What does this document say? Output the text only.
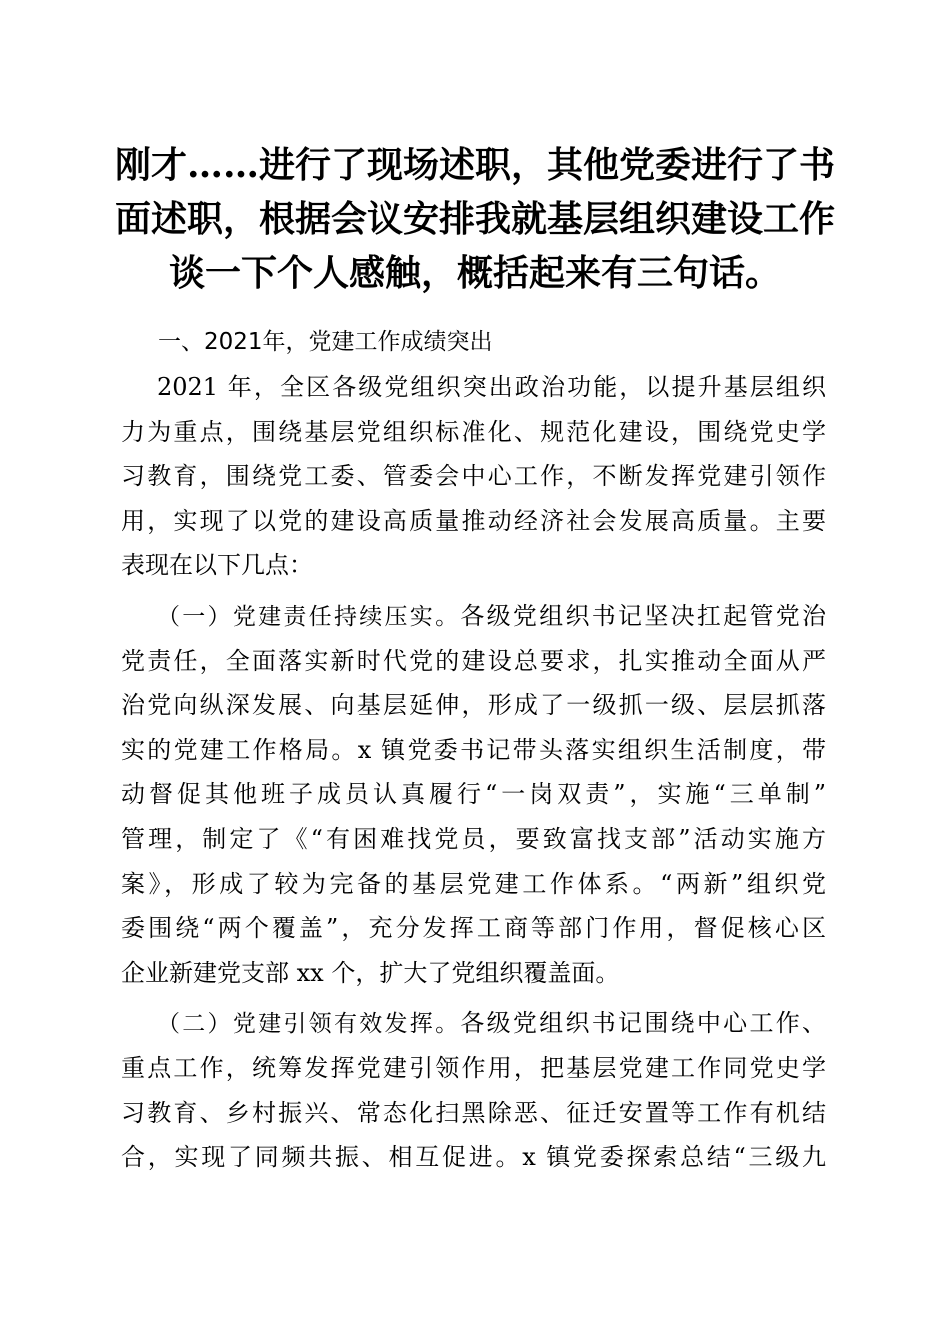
刚才……进行了现场述职，其他党委进行了书
面述职，根据会议安排我就基层组织建设工作
谈一下个人感触，概括起来有三句话。
一、2021年，党建工作成绩突出
2021 年，全区各级党组织突出政治功能，以提升基层组织
力为重点，围绕基层党组织标准化、规范化建设，围绕党史学
习教育，围绕党工委、管委会中心工作，不断发挥党建引领作
用，实现了以党的建设高质量推动经济社会发展高质量。主要
表现在以下几点：
（一）党建责任持续压实。各级党组织书记坚决扛起管党治
党责任，全面落实新时代党的建设总要求，扎实推动全面从严
治党向纵深发展、向基层延伸，形成了一级抓一级、层层抓落
实的党建工作格局。x 镇党委书记带头落实组织生活制度，带
动督促其他班子成员认真履行“一岗双责”，实施“三单制”
管理，制定了《“有困难找党员，要致富找支部”活动实施方
案》，形成了较为完备的基层党建工作体系。“两新”组织党
委围绕“两个覆盖”，充分发挥工商等部门作用，督促核心区
企业新建党支部 xx 个，扩大了党组织覆盖面。
（二）党建引领有效发挥。各级党组织书记围绕中心工作、
重点工作，统筹发挥党建引领作用，把基层党建工作同党史学
习教育、乡村振兴、常态化扫黑除恶、征迁安置等工作有机结
合，实现了同频共振、相互促进。x 镇党委探索总结“三级九
